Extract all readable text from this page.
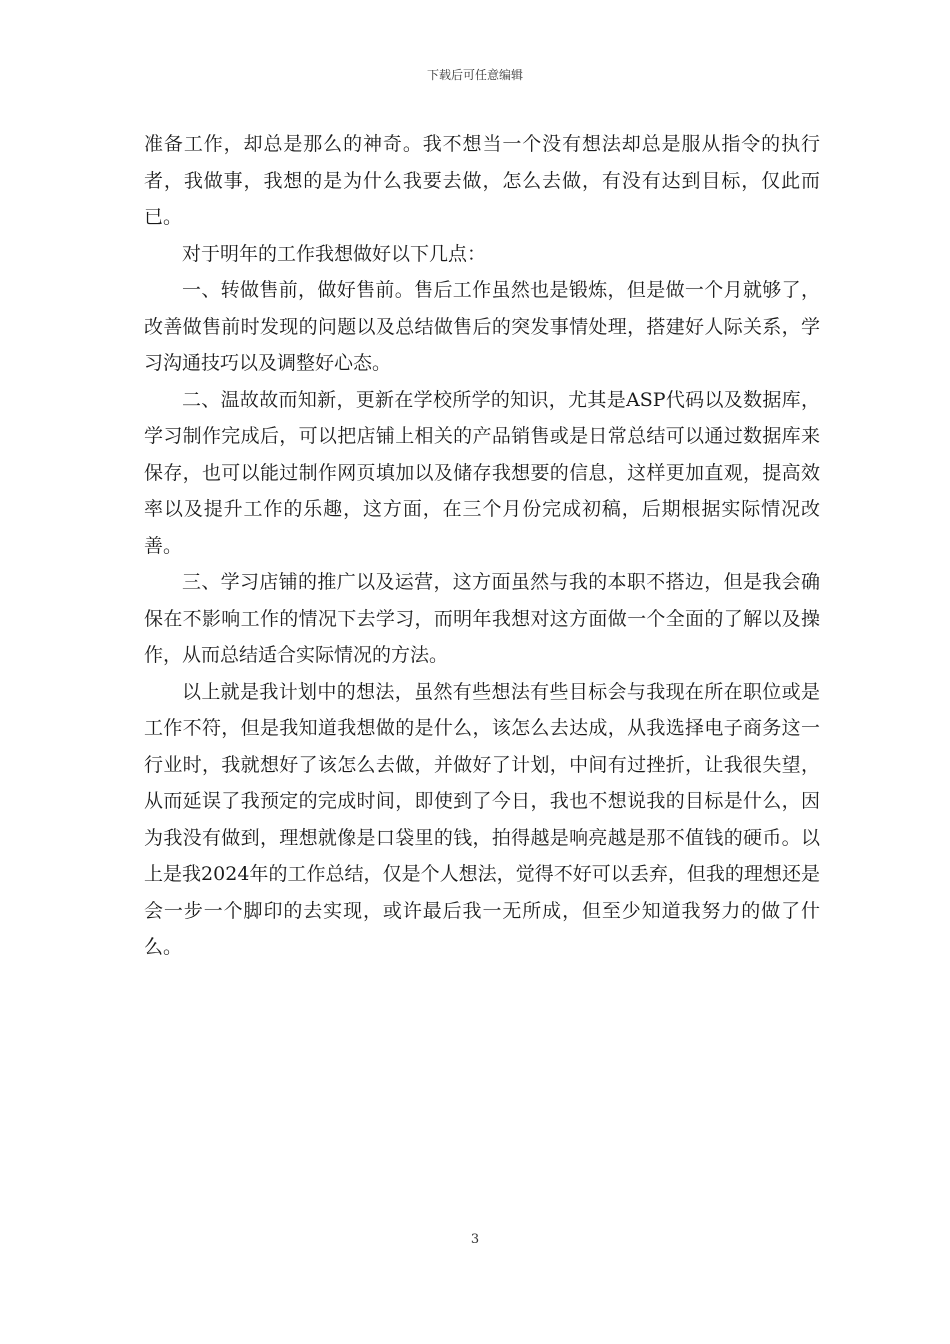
下载后可任意编辑

准备工作，却总是那么的神奇。我不想当一个没有想法却总是服从指令的执行者，我做事，我想的是为什么我要去做，怎么去做，有没有达到目标，仅此而已。

对于明年的工作我想做好以下几点：

一、转做售前，做好售前。售后工作虽然也是锻炼，但是做一个月就够了，改善做售前时发现的问题以及总结做售后的突发事情处理，搭建好人际关系，学习沟通技巧以及调整好心态。

二、温故故而知新，更新在学校所学的知识，尤其是ASP代码以及数据库，学习制作完成后，可以把店铺上相关的产品销售或是日常总结可以通过数据库来保存，也可以能过制作网页填加以及储存我想要的信息，这样更加直观，提高效率以及提升工作的乐趣，这方面，在三个月份完成初稿，后期根据实际情况改善。

三、学习店铺的推广以及运营，这方面虽然与我的本职不搭边，但是我会确保在不影响工作的情况下去学习，而明年我想对这方面做一个全面的了解以及操作，从而总结适合实际情况的方法。

以上就是我计划中的想法，虽然有些想法有些目标会与我现在所在职位或是工作不符，但是我知道我想做的是什么，该怎么去达成，从我选择电子商务这一行业时，我就想好了该怎么去做，并做好了计划，中间有过挫折，让我很失望，从而延误了我预定的完成时间，即使到了今日，我也不想说我的目标是什么，因为我没有做到，理想就像是口袋里的钱，拍得越是响亮越是那不值钱的硬币。以上是我2024年的工作总结，仅是个人想法，觉得不好可以丢弃，但我的理想还是会一步一个脚印的去实现，或许最后我一无所成，但至少知道我努力的做了什么。

3
